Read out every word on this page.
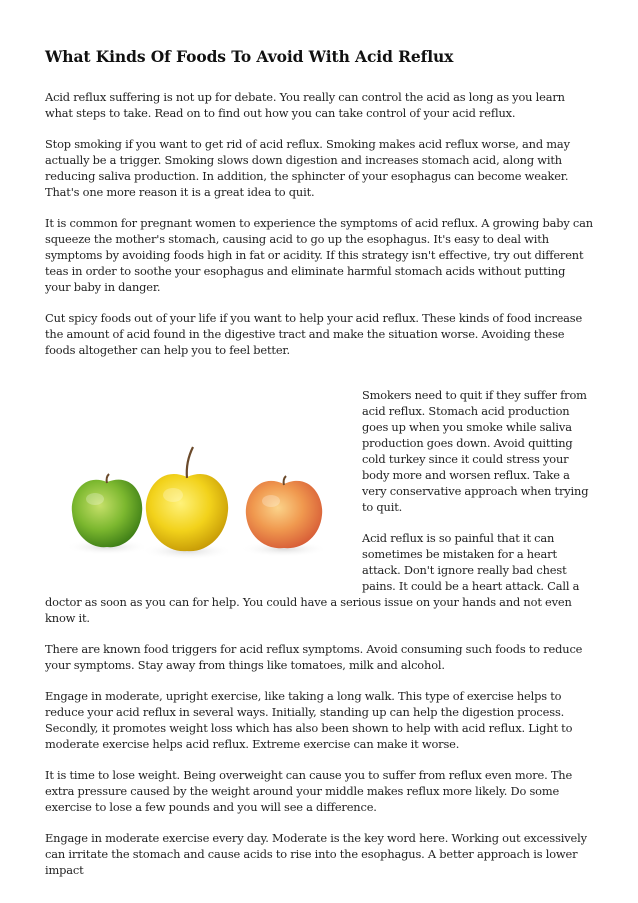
What Kinds Of Foods To Avoid With Acid Reflux

Acid reflux suffering is not up for debate. You really can control the acid as long as you learn what steps to take. Read on to find out how you can take control of your acid reflux.

Stop smoking if you want to get rid of acid reflux. Smoking makes acid reflux worse, and may actually be a trigger. Smoking slows down digestion and increases stomach acid, along with reducing saliva production. In addition, the sphincter of your esophagus can become weaker. That's one more reason it is a great idea to quit.

It is common for pregnant women to experience the symptoms of acid reflux. A growing baby can squeeze the mother's stomach, causing acid to go up the esophagus. It's easy to deal with symptoms by avoiding foods high in fat or acidity. If this strategy isn't effective, try out different teas in order to soothe your esophagus and eliminate harmful stomach acids without putting your baby in danger.

Cut spicy foods out of your life if you want to help your acid reflux. These kinds of food increase the amount of acid found in the digestive tract and make the situation worse. Avoiding these foods altogether can help you to feel better.

Smokers need to quit if they suffer from acid reflux. Stomach acid production goes up when you smoke while saliva production goes down. Avoid quitting cold turkey since it could stress your body more and worsen reflux. Take a very conservative approach when trying to quit.

Acid reflux is so painful that it can sometimes be mistaken for a heart attack. Don't ignore really bad chest pains. It could be a heart attack. Call a doctor as soon as you can for help. You could have a serious issue on your hands and not even know it.

There are known food triggers for acid reflux symptoms. Avoid consuming such foods to reduce your symptoms. Stay away from things like tomatoes, milk and alcohol.

Engage in moderate, upright exercise, like taking a long walk. This type of exercise helps to reduce your acid reflux in several ways. Initially, standing up can help the digestion process. Secondly, it promotes weight loss which has also been shown to help with acid reflux. Light to moderate exercise helps acid reflux. Extreme exercise can make it worse.

It is time to lose weight. Being overweight can cause you to suffer from reflux even more. The extra pressure caused by the weight around your middle makes reflux more likely. Do some exercise to lose a few pounds and you will see a difference.

Engage in moderate exercise every day. Moderate is the key word here. Working out excessively can irritate the stomach and cause acids to rise into the esophagus. A better approach is lower impact
